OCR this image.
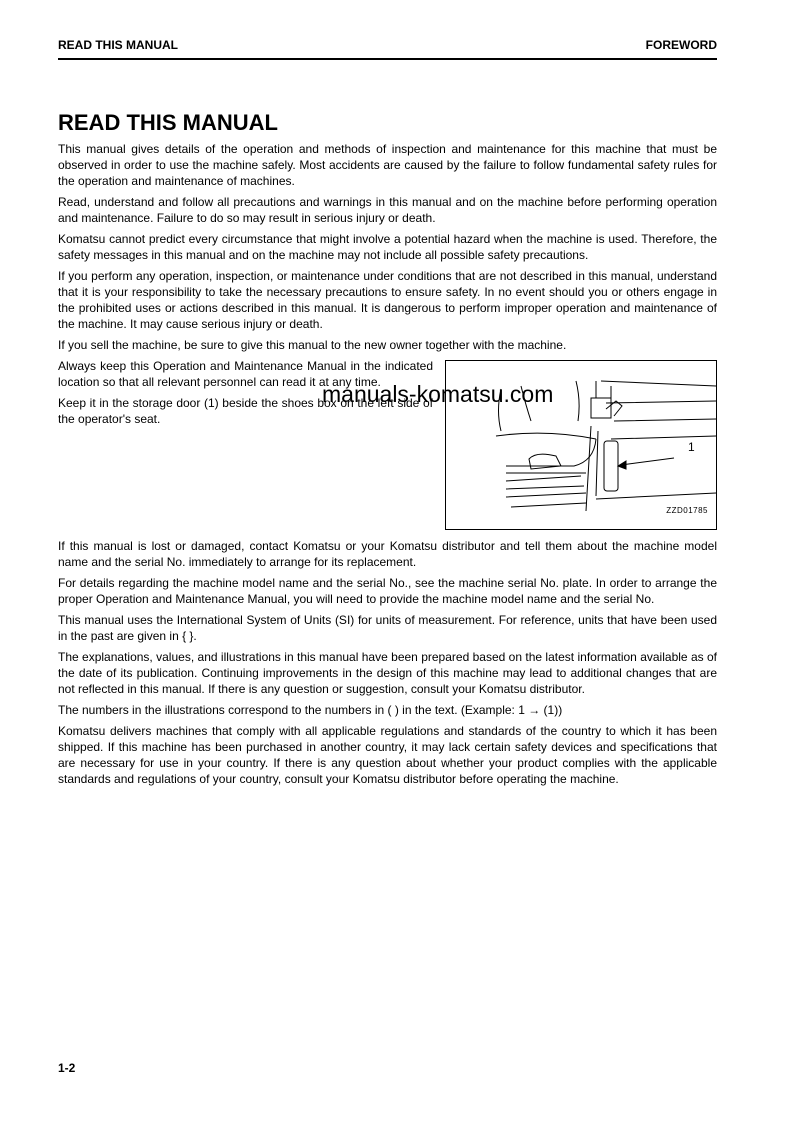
READ THIS MANUAL	FOREWORD
READ THIS MANUAL

This manual gives details of the operation and methods of inspection and maintenance for this machine that must be observed in order to use the machine safely. Most accidents are caused by the failure to follow fundamental safety rules for the operation and maintenance of machines.

Read, understand and follow all precautions and warnings in this manual and on the machine before performing operation and maintenance. Failure to do so may result in serious injury or death.

Komatsu cannot predict every circumstance that might involve a potential hazard when the machine is used. Therefore, the safety messages in this manual and on the machine may not include all possible safety precautions.

If you perform any operation, inspection, or maintenance under conditions that are not described in this manual, understand that it is your responsibility to take the necessary precautions to ensure safety. In no event should you or others engage in the prohibited uses or actions described in this manual. It is dangerous to perform improper operation and maintenance of the machine. It may cause serious injury or death.

If you sell the machine, be sure to give this manual to the new owner together with the machine.

1
ZZD01785

Always keep this Operation and Maintenance Manual in the indicated location so that all relevant personnel can read it at any time.

Keep it in the storage door (1) beside the shoes box on the left side of the operator's seat.

If this manual is lost or damaged, contact Komatsu or your Komatsu distributor and tell them about the machine model name and the serial No. immediately to arrange for its replacement.

For details regarding the machine model name and the serial No., see the machine serial No. plate. In order to arrange the proper Operation and Maintenance Manual, you will need to provide the machine model name and the serial No.

This manual uses the International System of Units (SI) for units of measurement. For reference, units that have been used in the past are given in { }.

The explanations, values, and illustrations in this manual have been prepared based on the latest information available as of the date of its publication. Continuing improvements in the design of this machine may lead to additional changes that are not reflected in this manual. If there is any question or suggestion, consult your Komatsu distributor.

The numbers in the illustrations correspond to the numbers in ( ) in the text. (Example: 1 → (1))

Komatsu delivers machines that comply with all applicable regulations and standards of the country to which it has been shipped. If this machine has been purchased in another country, it may lack certain safety devices and specifications that are necessary for use in your country. If there is any question about whether your product complies with the applicable standards and regulations of your country, consult your Komatsu distributor before operating the machine.

manuals-komatsu.com
1-2
